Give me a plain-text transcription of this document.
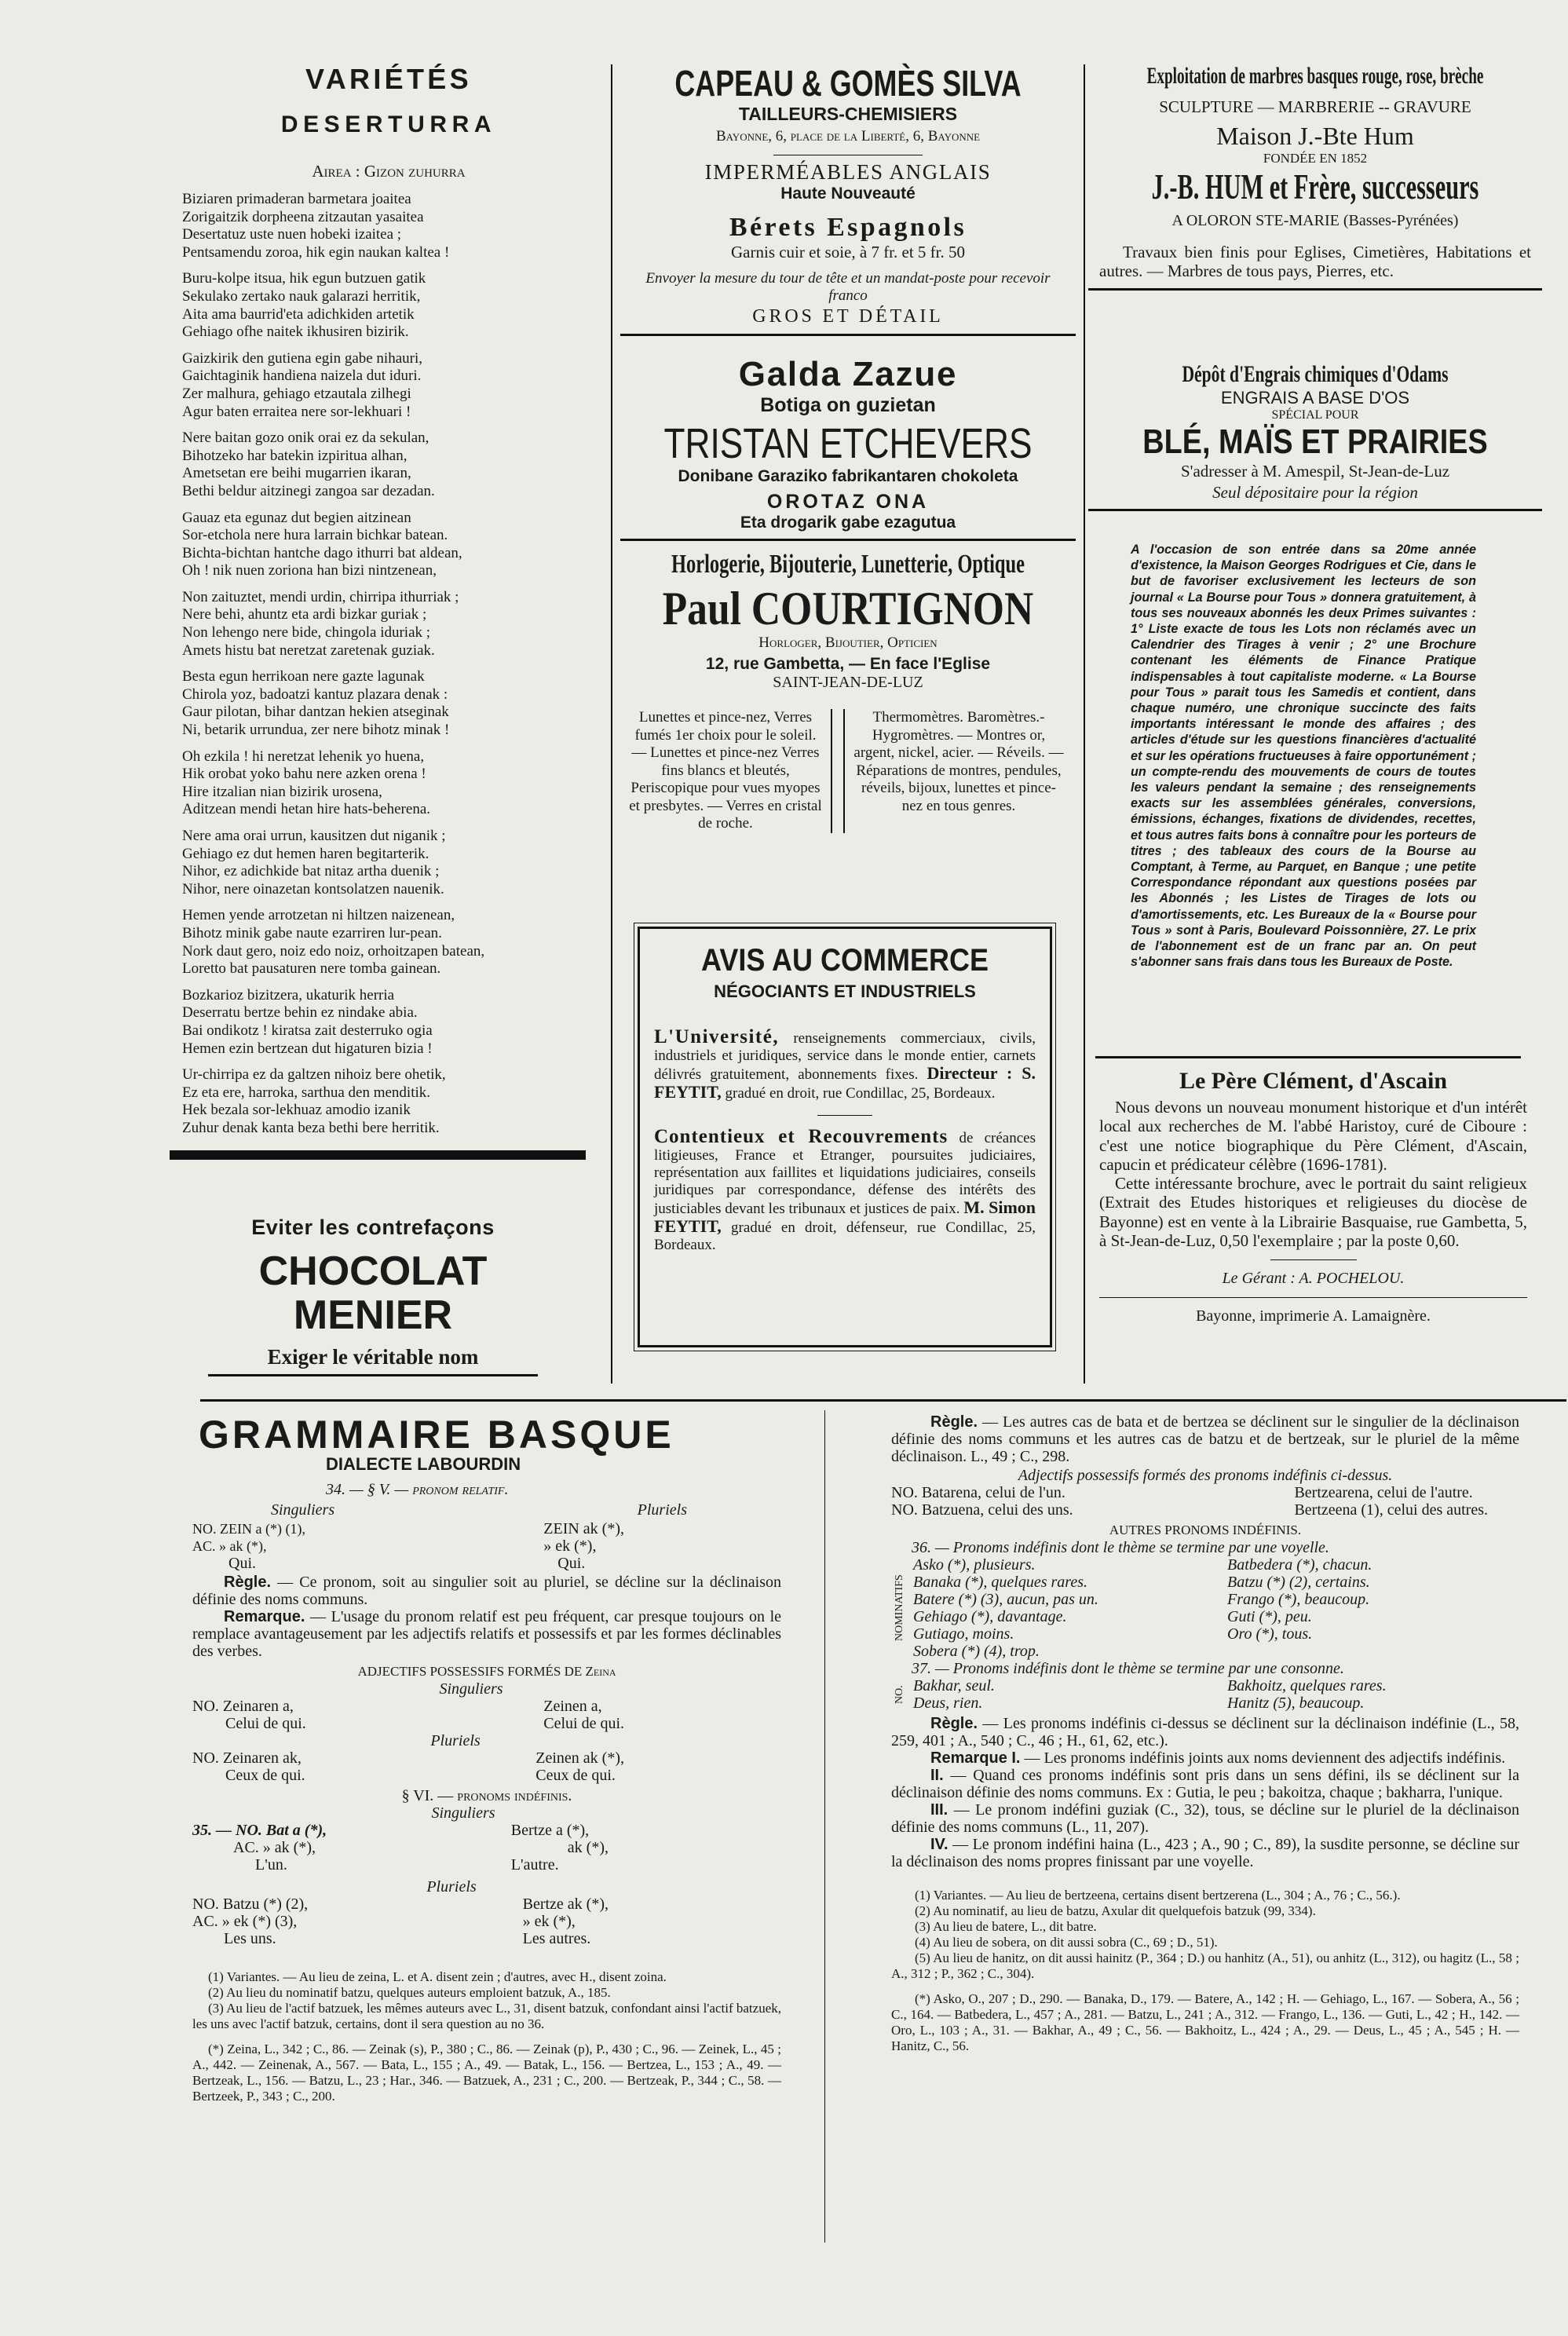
VARIÉTÉS
DESERTURRA
Airea : Gizon zuhurra

Biziaren primaderan barmetara joaitea

Zorigaitzik dorpheena zitzautan yasaitea

Desertatuz uste nuen hobeki izaitea ;

Pentsamendu zoroa, hik egin naukan kaltea !

Buru-kolpe itsua, hik egun butzuen gatik

Sekulako zertako nauk galarazi herritik,

Aita ama baurrid'eta adichkiden artetik

Gehiago ofhe naitek ikhusiren bizirik.

Gaizkirik den gutiena egin gabe nihauri,

Gaichtaginik handiena naizela dut iduri.

Zer malhura, gehiago etzautala zilhegi

Agur baten erraitea nere sor-lekhuari !

Nere baitan gozo onik orai ez da sekulan,

Bihotzeko har batekin izpiritua alhan,

Ametsetan ere beihi mugarrien ikaran,

Bethi beldur aitzinegi zangoa sar dezadan.

Gauaz eta egunaz dut begien aitzinean

Sor-etchola nere hura larrain bichkar batean.

Bichta-bichtan hantche dago ithurri bat aldean,

Oh ! nik nuen zoriona han bizi nintzenean,

Non zaituztet, mendi urdin, chirripa ithurriak ;

Nere behi, ahuntz eta ardi bizkar guriak ;

Non lehengo nere bide, chingola iduriak ;

Amets histu bat neretzat zaretenak guziak.

Besta egun herrikoan nere gazte lagunak

Chirola yoz, badoatzi kantuz plazara denak :

Gaur pilotan, bihar dantzan hekien atseginak

Ni, betarik urrundua, zer nere bihotz minak !

Oh ezkila ! hi neretzat lehenik yo huena,

Hik orobat yoko bahu nere azken orena !

Hire itzalian nian bizirik urosena,

Aditzean mendi hetan hire hats-beherena.

Nere ama orai urrun, kausitzen dut niganik ;

Gehiago ez dut hemen haren begitarterik.

Nihor, ez adichkide bat nitaz artha duenik ;

Nihor, nere oinazetan kontsolatzen nauenik.

Hemen yende arrotzetan ni hiltzen naizenean,

Bihotz minik gabe naute ezarriren lur-pean.

Nork daut gero, noiz edo noiz, orhoitzapen batean,

Loretto bat pausaturen nere tomba gainean.

Bozkarioz bizitzera, ukaturik herria

Deserratu bertze behin ez nindake abia.

Bai ondikotz ! kiratsa zait desterruko ogia

Hemen ezin bertzean dut higaturen bizia !

Ur-chirripa ez da galtzen nihoiz bere ohetik,

Ez eta ere, harroka, sarthua den menditik.

Hek bezala sor-lekhuaz amodio izanik

Zuhur denak kanta beza bethi bere herritik.

Eviter les contrefaçons
CHOCOLAT
MENIER
Exiger le véritable nom
CAPEAU & GOMÈS SILVA
TAILLEURS-CHEMISIERS
Bayonne, 6, place de la Liberté, 6, Bayonne
IMPERMÉABLES ANGLAIS
Haute Nouveauté
Bérets Espagnols
Garnis cuir et soie, à 7 fr. et 5 fr. 50
Envoyer la mesure du tour de tête et un mandat-poste pour recevoir franco
GROS ET DÉTAIL
Galda Zazue
Botiga on guzietan
TRISTAN ETCHEVERS
Donibane Garaziko fabrikantaren chokoleta
OROTAZ ONA
Eta drogarik gabe ezagutua
Horlogerie, Bijouterie, Lunetterie, Optique
Paul COURTIGNON
Horloger, Bijoutier, Opticien
12, rue Gambetta, — En face l'Eglise
SAINT-JEAN-DE-LUZ
Lunettes et pince-nez, Verres fumés 1er choix pour le soleil. — Lunettes et pince-nez Verres fins blancs et bleutés, Periscopique pour vues myopes et presbytes. — Verres en cristal de roche.
Thermomètres. Baromètres.-Hygromètres. — Montres or, argent, nickel, acier. — Réveils. — Réparations de montres, pendules, réveils, bijoux, lunettes et pince-nez en tous genres.
AVIS AU COMMERCE
NÉGOCIANTS ET INDUSTRIELS
L'Université, renseignements commerciaux, civils, industriels et juridiques, service dans le monde entier, carnets délivrés gratuitement, abonnements fixes. Directeur : S. FEYTIT, gradué en droit, rue Condillac, 25, Bordeaux.
Contentieux et Recouvrements de créances litigieuses, France et Etranger, poursuites judiciaires, représentation aux faillites et liquidations judiciaires, conseils juridiques par correspondance, défense des intérêts des justiciables devant les tribunaux et justices de paix. M. Simon FEYTIT, gradué en droit, défenseur, rue Condillac, 25, Bordeaux.
Exploitation de marbres basques rouge, rose, brèche
SCULPTURE — MARBRERIE -- GRAVURE
Maison J.-Bte Hum
FONDÉE EN 1852
J.-B. HUM et Frère, successeurs
A OLORON STE-MARIE (Basses-Pyrénées)
Travaux bien finis pour Eglises, Cimetières, Habitations et autres. — Marbres de tous pays, Pierres, etc.
Dépôt d'Engrais chimiques d'Odams
ENGRAIS A BASE D'OS
SPÉCIAL POUR
BLÉ, MAÏS ET PRAIRIES
S'adresser à M. Amespil, St-Jean-de-Luz
Seul dépositaire pour la région
A l'occasion de son entrée dans sa 20me année d'existence, la Maison Georges Rodrigues et Cie, dans le but de favoriser exclusivement les lecteurs de son journal « La Bourse pour Tous » donnera gratuitement, à tous ses nouveaux abonnés les deux Primes suivantes : 1° Liste exacte de tous les Lots non réclamés avec un Calendrier des Tirages à venir ; 2° une Brochure contenant les éléments de Finance Pratique indispensables à tout capitaliste moderne. « La Bourse pour Tous » parait tous les Samedis et contient, dans chaque numéro, une chronique succincte des faits importants intéressant le monde des affaires ; des articles d'étude sur les questions financières d'actualité et sur les opérations fructueuses à faire opportunément ; un compte-rendu des mouvements de cours de toutes les valeurs pendant la semaine ; des renseignements exacts sur les assemblées générales, conversions, émissions, échanges, fixations de dividendes, recettes, et tous autres faits bons à connaître pour les porteurs de titres ; des tableaux des cours de la Bourse au Comptant, à Terme, au Parquet, en Banque ; une petite Correspondance répondant aux questions posées par les Abonnés ; les Listes de Tirages de lots ou d'amortissements, etc. Les Bureaux de la « Bourse pour Tous » sont à Paris, Boulevard Poissonnière, 27. Le prix de l'abonnement est de un franc par an. On peut s'abonner sans frais dans tous les Bureaux de Poste.
Le Père Clément, d'Ascain
Nous devons un nouveau monument historique et d'un intérêt local aux recherches de M. l'abbé Haristoy, curé de Ciboure : c'est une notice biographique du Père Clément, d'Ascain, capucin et prédicateur célèbre (1696-1781).
Cette intéressante brochure, avec le portrait du saint religieux (Extrait des Etudes historiques et religieuses du diocèse de Bayonne) est en vente à la Librairie Basquaise, rue Gambetta, 5, à St-Jean-de-Luz, 0,50 l'exemplaire ; par la poste 0,60.
Le Gérant : A. POCHELOU.
Bayonne, imprimerie A. Lamaignère.
GRAMMAIRE BASQUE
DIALECTE LABOURDIN
34. — § V. — pronom relatif.
Singuliers	Pluriels
NO. ZEIN a (*) (1),
AC. » ak (*),
Qui.
ZEIN ak (*),
» ek (*),
Qui.
Règle. — Ce pronom, soit au singulier soit au pluriel, se décline sur la déclinaison définie des noms communs.
Remarque. — L'usage du pronom relatif est peu fréquent, car presque toujours on le remplace avantageusement par les adjectifs relatifs et possessifs et par les formes déclinables des verbes.
ADJECTIFS POSSESSIFS FORMÉS DE Zeina
Singuliers
NO. Zeinaren a,
Celui de qui.
Zeinen a,
Celui de qui.
Pluriels
NO. Zeinaren ak,
Ceux de qui.
Zeinen ak (*),
Ceux de qui.
§ VI. — pronoms indéfinis.
Singuliers
35. — NO. Bat a (*),
AC. » ak (*),
L'un.
Bertze a (*),
ak (*),
L'autre.
Pluriels
NO. Batzu (*) (2),
AC. » ek (*) (3),
Les uns.
Bertze ak (*),
» ek (*),
Les autres.
(1) Variantes. — Au lieu de zeina, L. et A. disent zein ; d'autres, avec H., disent zoina.
(2) Au lieu du nominatif batzu, quelques auteurs emploient batzuk, A., 185.
(3) Au lieu de l'actif batzuek, les mêmes auteurs avec L., 31, disent batzuk, confondant ainsi l'actif batzuek, les uns avec l'actif batzuk, certains, dont il sera question au no 36.
(*) Zeina, L., 342 ; C., 86. — Zeinak (s), P., 380 ; C., 86. — Zeinak (p), P., 430 ; C., 96. — Zeinek, L., 45 ; A., 442. — Zeinenak, A., 567. — Bata, L., 155 ; A., 49. — Batak, L., 156. — Bertzea, L., 153 ; A., 49. — Bertzeak, L., 156. — Batzu, L., 23 ; Har., 346. — Batzuek, A., 231 ; C., 200. — Bertzeak, P., 344 ; C., 58. — Bertzeek, P., 343 ; C., 200.
Règle. — Les autres cas de bata et de bertzea se déclinent sur le singulier de la déclinaison définie des noms communs et les autres cas de batzu et de bertzeak, sur le pluriel de la même déclinaison. L., 49 ; C., 298.
Adjectifs possessifs formés des pronoms indéfinis ci-dessus.
NO. Batarena, celui de l'un.
NO. Batzuena, celui des uns.
Bertzearena, celui de l'autre.
Bertzeena (1), celui des autres.
AUTRES PRONOMS INDÉFINIS.
36. — Pronoms indéfinis dont le thème se termine par une voyelle.
NOMINATIFS
Asko (*), plusieurs.
Banaka (*), quelques rares.
Batere (*) (3), aucun, pas un.
Gehiago (*), davantage.
Gutiago, moins.
Sobera (*) (4), trop.
Batbedera (*), chacun.
Batzu (*) (2), certains.
Frango (*), beaucoup.
Guti (*), peu.
Oro (*), tous.
37. — Pronoms indéfinis dont le thème se termine par une consonne.
NO. Bakhar, seul.
Deus, rien.
Bakhoitz, quelques rares.
Hanitz (5), beaucoup.
Règle. — Les pronoms indéfinis ci-dessus se déclinent sur la déclinaison indéfinie (L., 58, 259, 401 ; A., 540 ; C., 46 ; H., 61, 62, etc.).
Remarque I. — Les pronoms indéfinis joints aux noms deviennent des adjectifs indéfinis.
II. — Quand ces pronoms indéfinis sont pris dans un sens défini, ils se déclinent sur la déclinaison définie des noms communs. Ex : Gutia, le peu ; bakoitza, chaque ; bakharra, l'unique.
III. — Le pronom indéfini guziak (C., 32), tous, se décline sur le pluriel de la déclinaison définie des noms communs (L., 11, 207).
IV. — Le pronom indéfini haina (L., 423 ; A., 90 ; C., 89), la susdite personne, se décline sur la déclinaison des noms propres finissant par une voyelle.
(1) Variantes. — Au lieu de bertzeena, certains disent bertzerena (L., 304 ; A., 76 ; C., 56.).
(2) Au nominatif, au lieu de batzu, Axular dit quelquefois batzuk (99, 334).
(3) Au lieu de batere, L., dit batre.
(4) Au lieu de sobera, on dit aussi sobra (C., 69 ; D., 51).
(5) Au lieu de hanitz, on dit aussi hainitz (P., 364 ; D.) ou hanhitz (A., 51), ou anhitz (L., 312), ou hagitz (L., 58 ; A., 312 ; P., 362 ; C., 304).
(*) Asko, O., 207 ; D., 290. — Banaka, D., 179. — Batere, A., 142 ; H. — Gehiago, L., 167. — Sobera, A., 56 ; C., 164. — Batbedera, L., 457 ; A., 281. — Batzu, L., 241 ; A., 312. — Frango, L., 136. — Guti, L., 42 ; H., 142. — Oro, L., 103 ; A., 31. — Bakhar, A., 49 ; C., 56. — Bakhoitz, L., 424 ; A., 29. — Deus, L., 45 ; A., 545 ; H. — Hanitz, C., 56.
